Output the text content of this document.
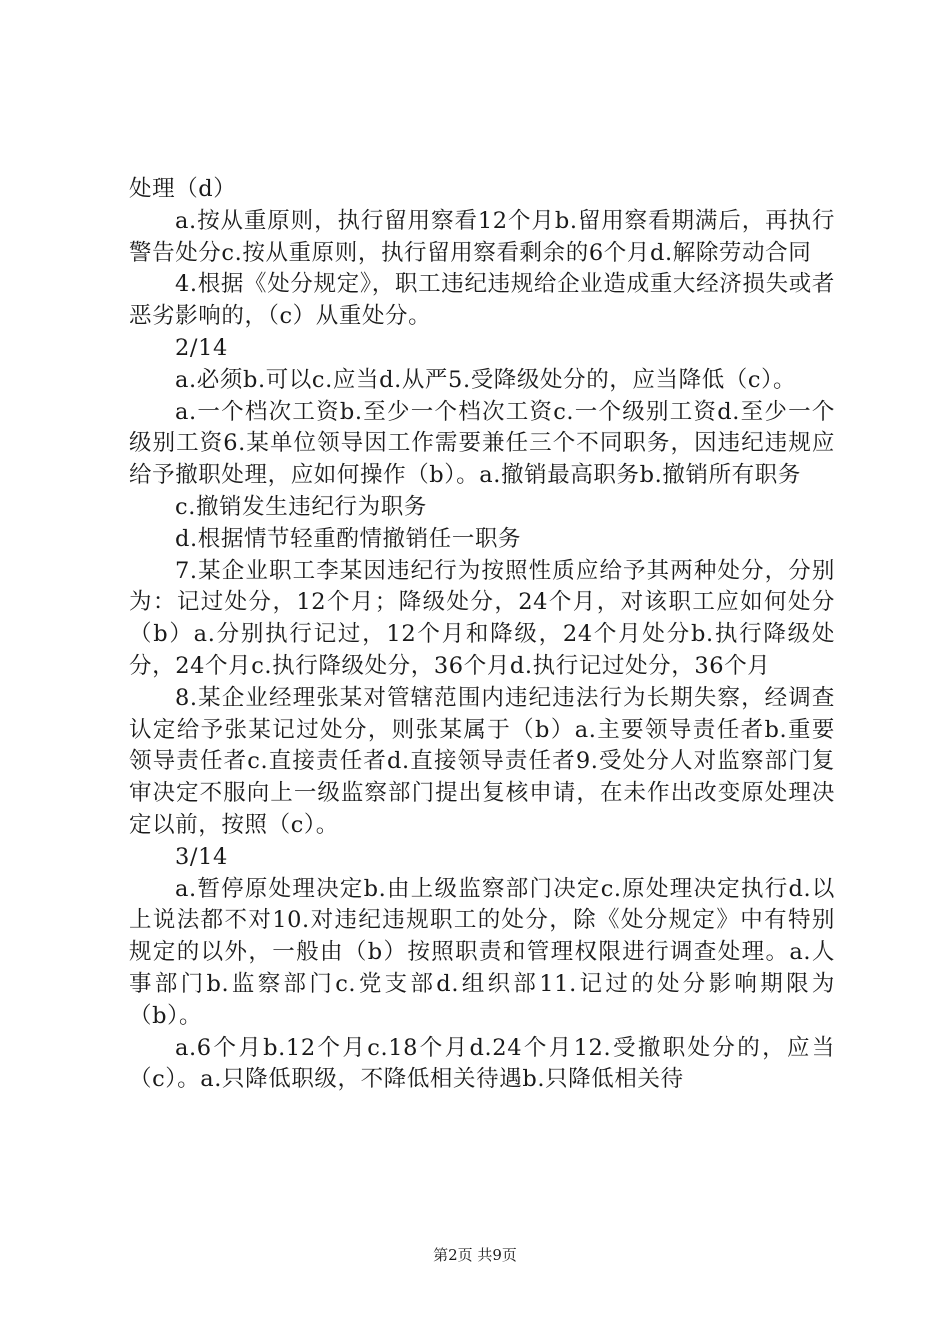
处理（d）

a.按从重原则，执行留用察看12个月b.留用察看期满后，再执行警告处分c.按从重原则，执行留用察看剩余的6个月d.解除劳动合同

4.根据《处分规定》，职工违纪违规给企业造成重大经济损失或者恶劣影响的，（c）从重处分。

2/14

a.必须b.可以c.应当d.从严5.受降级处分的，应当降低（c）。

a.一个档次工资b.至少一个档次工资c.一个级别工资d.至少一个级别工资6.某单位领导因工作需要兼任三个不同职务，因违纪违规应给予撤职处理，应如何操作（b）。a.撤销最高职务b.撤销所有职务

c.撤销发生违纪行为职务

d.根据情节轻重酌情撤销任一职务

7.某企业职工李某因违纪行为按照性质应给予其两种处分，分别为：记过处分，12个月；降级处分，24个月，对该职工应如何处分（b）a.分别执行记过，12个月和降级，24个月处分b.执行降级处分，24个月c.执行降级处分，36个月d.执行记过处分，36个月

8.某企业经理张某对管辖范围内违纪违法行为长期失察，经调查认定给予张某记过处分，则张某属于（b）a.主要领导责任者b.重要领导责任者c.直接责任者d.直接领导责任者9.受处分人对监察部门复审决定不服向上一级监察部门提出复核申请，在未作出改变原处理决定以前，按照（c）。

3/14

a.暂停原处理决定b.由上级监察部门决定c.原处理决定执行d.以上说法都不对10.对违纪违规职工的处分，除《处分规定》中有特别规定的以外，一般由（b）按照职责和管理权限进行调查处理。a.人事部门b.监察部门c.党支部d.组织部11.记过的处分影响期限为（b）。

a.6个月b.12个月c.18个月d.24个月12.受撤职处分的，应当（c）。a.只降低职级，不降低相关待遇b.只降低相关待

第2页 共9页
